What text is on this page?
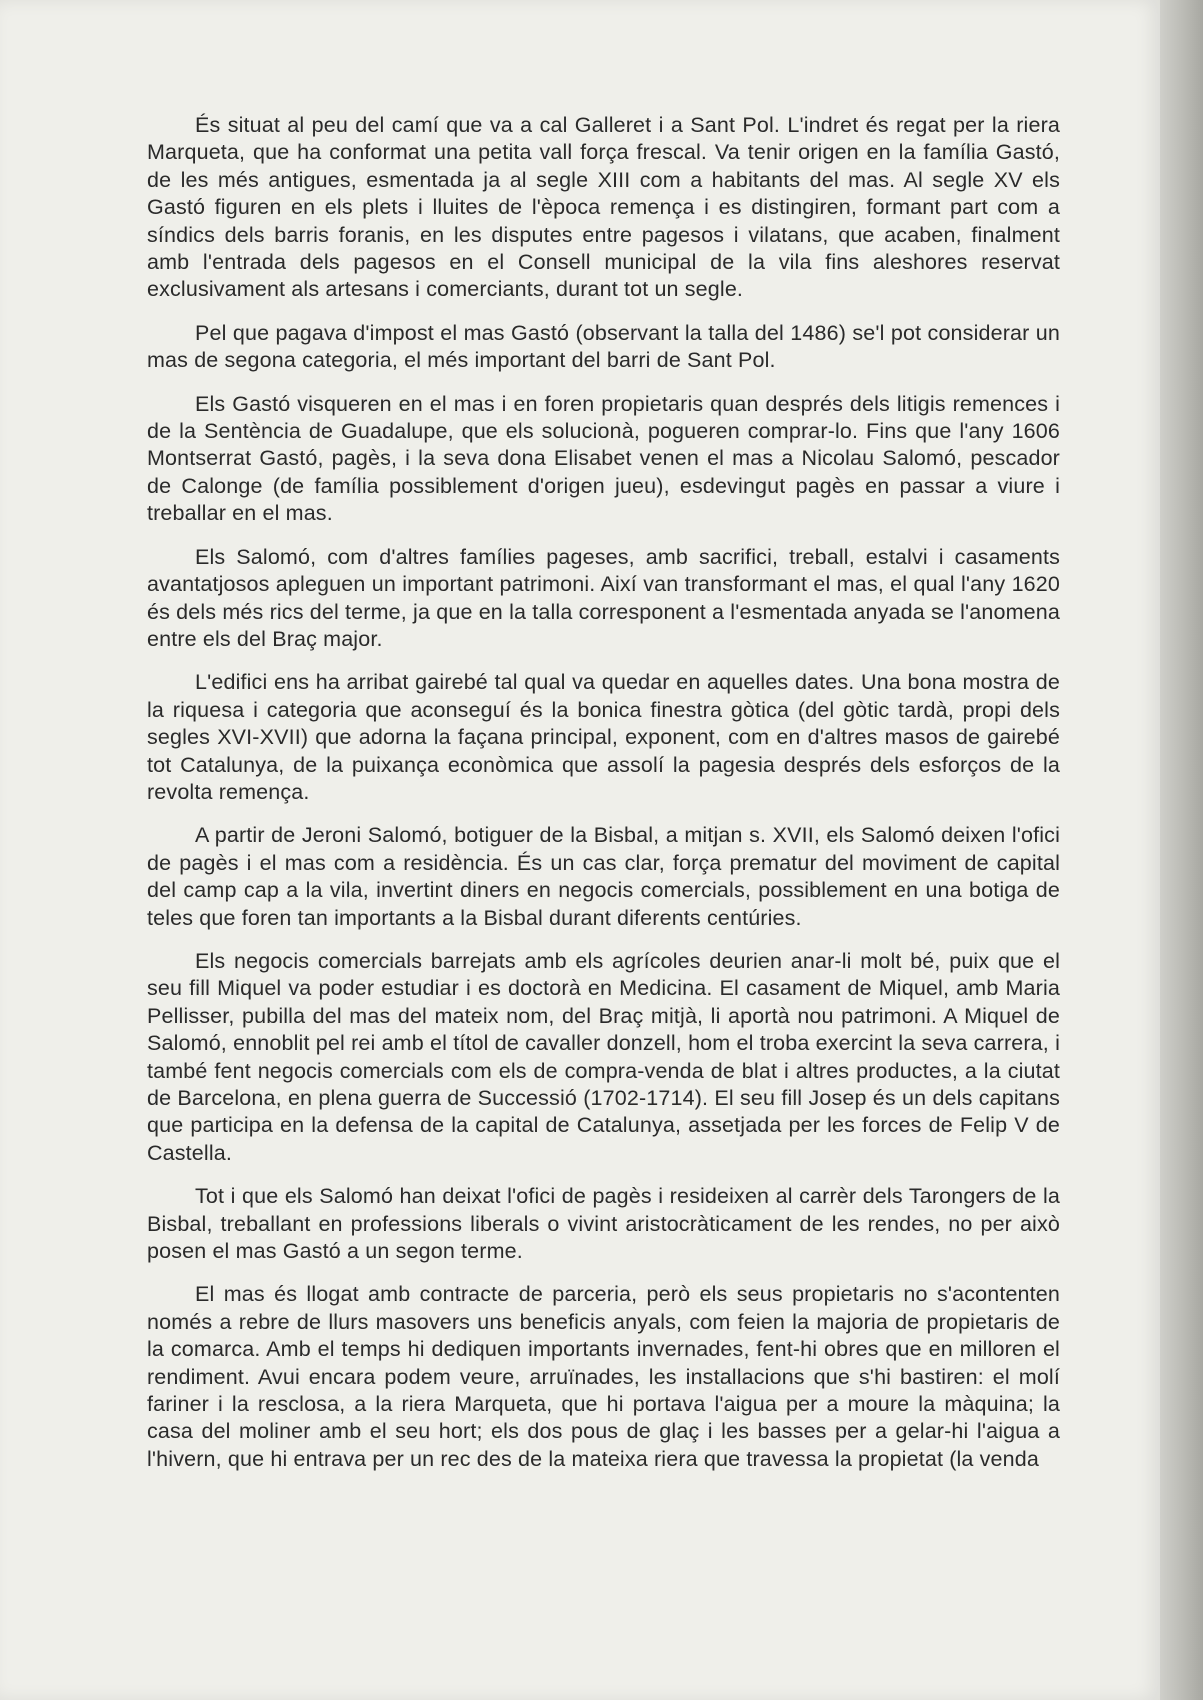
És situat al peu del camí que va a cal Galleret i a Sant Pol. L'indret és regat per la riera Marqueta, que ha conformat una petita vall força frescal. Va tenir origen en la família Gastó, de les més antigues, esmentada ja al segle XIII com a habitants del mas. Al segle XV els Gastó figuren en els plets i lluites de l'època remença i es distingiren, formant part com a síndics dels barris foranis, en les disputes entre pagesos i vilatans, que acaben, finalment amb l'entrada dels pagesos en el Consell municipal de la vila fins aleshores reservat exclusivament als artesans i comerciants, durant tot un segle.

Pel que pagava d'impost el mas Gastó (observant la talla del 1486) se'l pot considerar un mas de segona categoria, el més important del barri de Sant Pol.

Els Gastó visqueren en el mas i en foren propietaris quan després dels litigis remences i de la Sentència de Guadalupe, que els solucionà, pogueren comprar-lo. Fins que l'any 1606 Montserrat Gastó, pagès, i la seva dona Elisabet venen el mas a Nicolau Salomó, pescador de Calonge (de família possiblement d'origen jueu), esdevingut pagès en passar a viure i treballar en el mas.

Els Salomó, com d'altres famílies pageses, amb sacrifici, treball, estalvi i casaments avantatjosos apleguen un important patrimoni. Així van transformant el mas, el qual l'any 1620 és dels més rics del terme, ja que en la talla corresponent a l'esmentada anyada se l'anomena entre els del Braç major.

L'edifici ens ha arribat gairebé tal qual va quedar en aquelles dates. Una bona mostra de la riquesa i categoria que aconseguí és la bonica finestra gòtica (del gòtic tardà, propi dels segles XVI-XVII) que adorna la façana principal, exponent, com en d'altres masos de gairebé tot Catalunya, de la puixança econòmica que assolí la pagesia després dels esforços de la revolta remença.

A partir de Jeroni Salomó, botiguer de la Bisbal, a mitjan s. XVII, els Salomó deixen l'ofici de pagès i el mas com a residència. És un cas clar, força prematur del moviment de capital del camp cap a la vila, invertint diners en negocis comercials, possiblement en una botiga de teles que foren tan importants a la Bisbal durant diferents centúries.

Els negocis comercials barrejats amb els agrícoles deurien anar-li molt bé, puix que el seu fill Miquel va poder estudiar i es doctorà en Medicina. El casament de Miquel, amb Maria Pellisser, pubilla del mas del mateix nom, del Braç mitjà, li aportà nou patrimoni. A Miquel de Salomó, ennoblit pel rei amb el títol de cavaller donzell, hom el troba exercint la seva carrera, i també fent negocis comercials com els de compra-venda de blat i altres productes, a la ciutat de Barcelona, en plena guerra de Successió (1702-1714). El seu fill Josep és un dels capitans que participa en la defensa de la capital de Catalunya, assetjada per les forces de Felip V de Castella.

Tot i que els Salomó han deixat l'ofici de pagès i resideixen al carrèr dels Tarongers de la Bisbal, treballant en professions liberals o vivint aristocràticament de les rendes, no per això posen el mas Gastó a un segon terme.

El mas és llogat amb contracte de parceria, però els seus propietaris no s'acontenten només a rebre de llurs masovers uns beneficis anyals, com feien la majoria de propietaris de la comarca. Amb el temps hi dediquen importants invernades, fent-hi obres que en milloren el rendiment. Avui encara podem veure, arruïnades, les installacions que s'hi bastiren: el molí fariner i la resclosa, a la riera Marqueta, que hi portava l'aigua per a moure la màquina; la casa del moliner amb el seu hort; els dos pous de glaç i les basses per a gelar-hi l'aigua a l'hivern, que hi entrava per un rec des de la mateixa riera que travessa la propietat (la venda
